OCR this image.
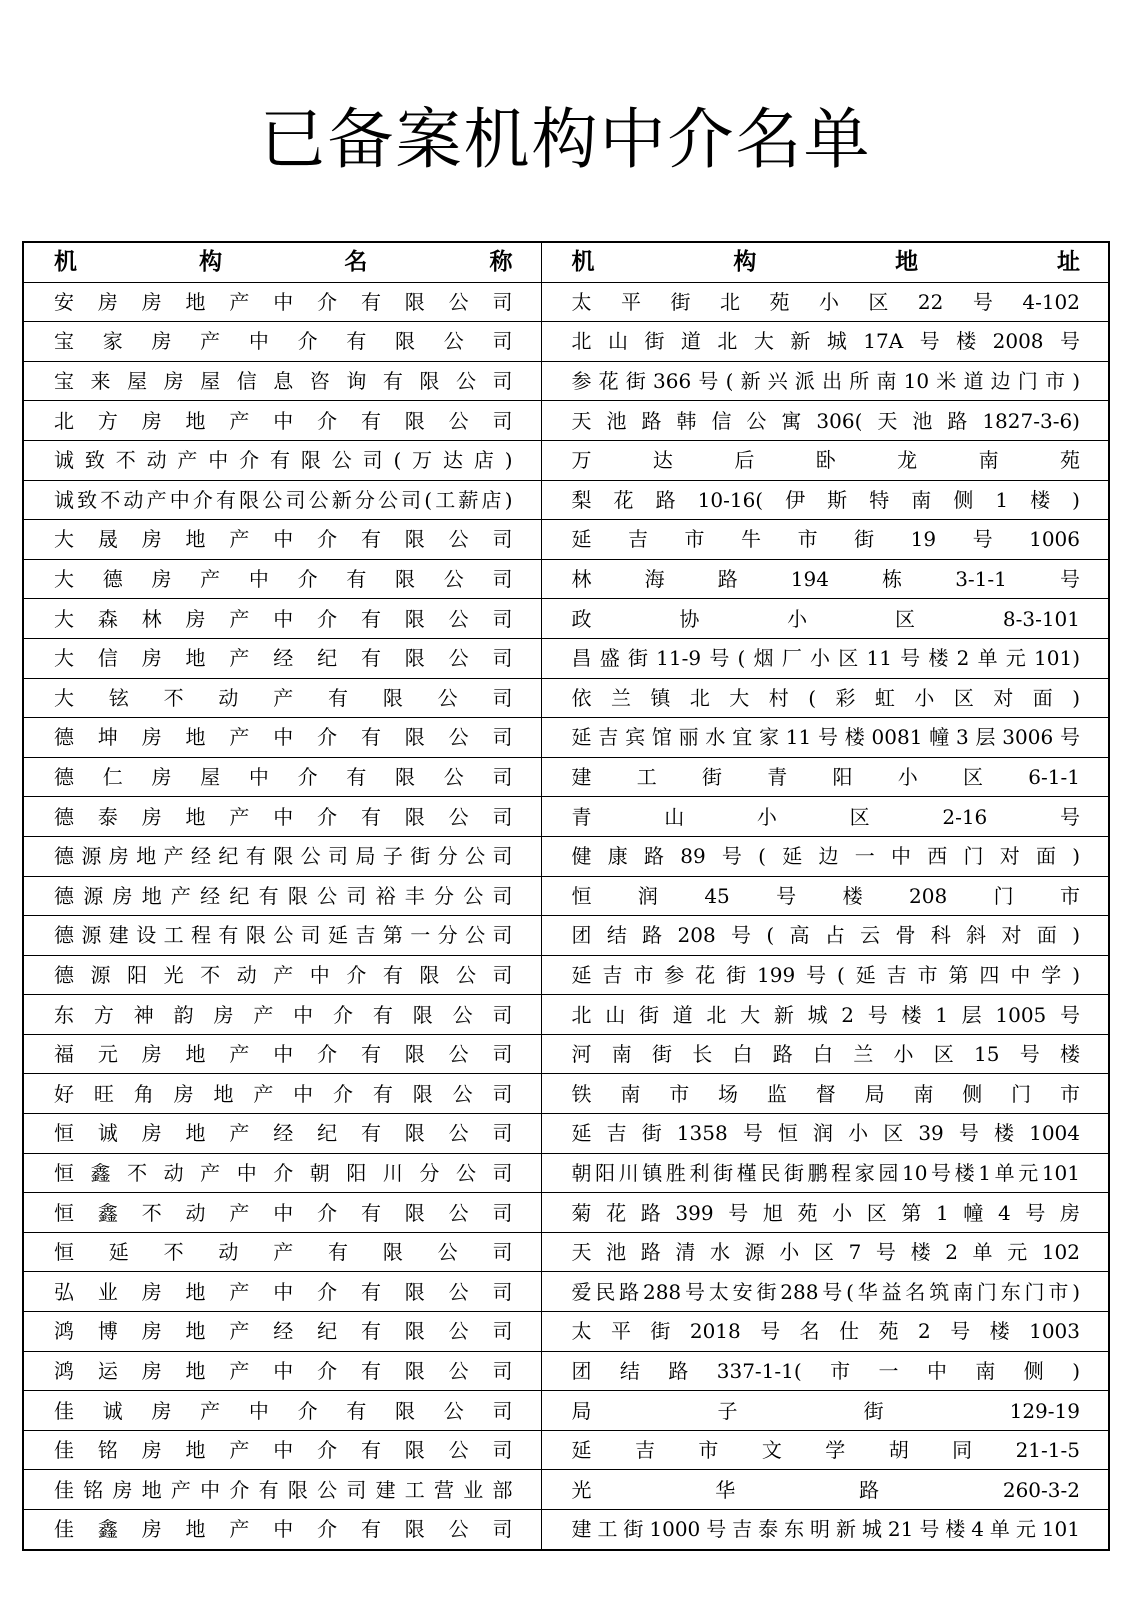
已备案机构中介名单
机构名称	机构地址

安房房地产中介有限公司	太平街北苑小区22号4-102

宝家房产中介有限公司	北山街道北大新城17A号楼2008号

宝来屋房屋信息咨询有限公司	参花街366号(新兴派出所南10米道边门市)

北方房地产中介有限公司	天池路韩信公寓306(天池路1827-3-6)

诚致不动产中介有限公司(万达店)	万达后卧龙南苑

诚致不动产中介有限公司公新分公司(工薪店)	梨花路10-16(伊斯特南侧1楼)

大晟房地产中介有限公司	延吉市牛市街19号1006

大德房产中介有限公司	林海路194栋3-1-1号

大森林房产中介有限公司	政协小区8-3-101

大信房地产经纪有限公司	昌盛街11-9号(烟厂小区11号楼2单元101)

大铉不动产有限公司	依兰镇北大村(彩虹小区对面)

德坤房地产中介有限公司	延吉宾馆丽水宜家11号楼0081幢3层3006号

德仁房屋中介有限公司	建工街青阳小区6-1-1

德泰房地产中介有限公司	青山小区2-16号

德源房地产经纪有限公司局子街分公司	健康路89号(延边一中西门对面)

德源房地产经纪有限公司裕丰分公司	恒润45号楼208门市

德源建设工程有限公司延吉第一分公司	团结路208号(高占云骨科斜对面)

德源阳光不动产中介有限公司	延吉市参花街199号(延吉市第四中学)

东方神韵房产中介有限公司	北山街道北大新城2号楼1层1005号

福元房地产中介有限公司	河南街长白路白兰小区15号楼

好旺角房地产中介有限公司	铁南市场监督局南侧门市

恒诚房地产经纪有限公司	延吉街1358号恒润小区39号楼1004

恒鑫不动产中介朝阳川分公司	朝阳川镇胜利街槿民街鹏程家园10号楼1单元101

恒鑫不动产中介有限公司	菊花路399号旭苑小区第1幢4号房

恒延不动产有限公司	天池路清水源小区7号楼2单元102

弘业房地产中介有限公司	爱民路288号太安街288号(华益名筑南门东门市)

鸿博房地产经纪有限公司	太平街2018号名仕苑2号楼1003

鸿运房地产中介有限公司	团结路337-1-1(市一中南侧)

佳诚房产中介有限公司	局子街129-19

佳铭房地产中介有限公司	延吉市文学胡同21-1-5

佳铭房地产中介有限公司建工营业部	光华路260-3-2

佳鑫房地产中介有限公司	建工街1000号吉泰东明新城21号楼4单元101
